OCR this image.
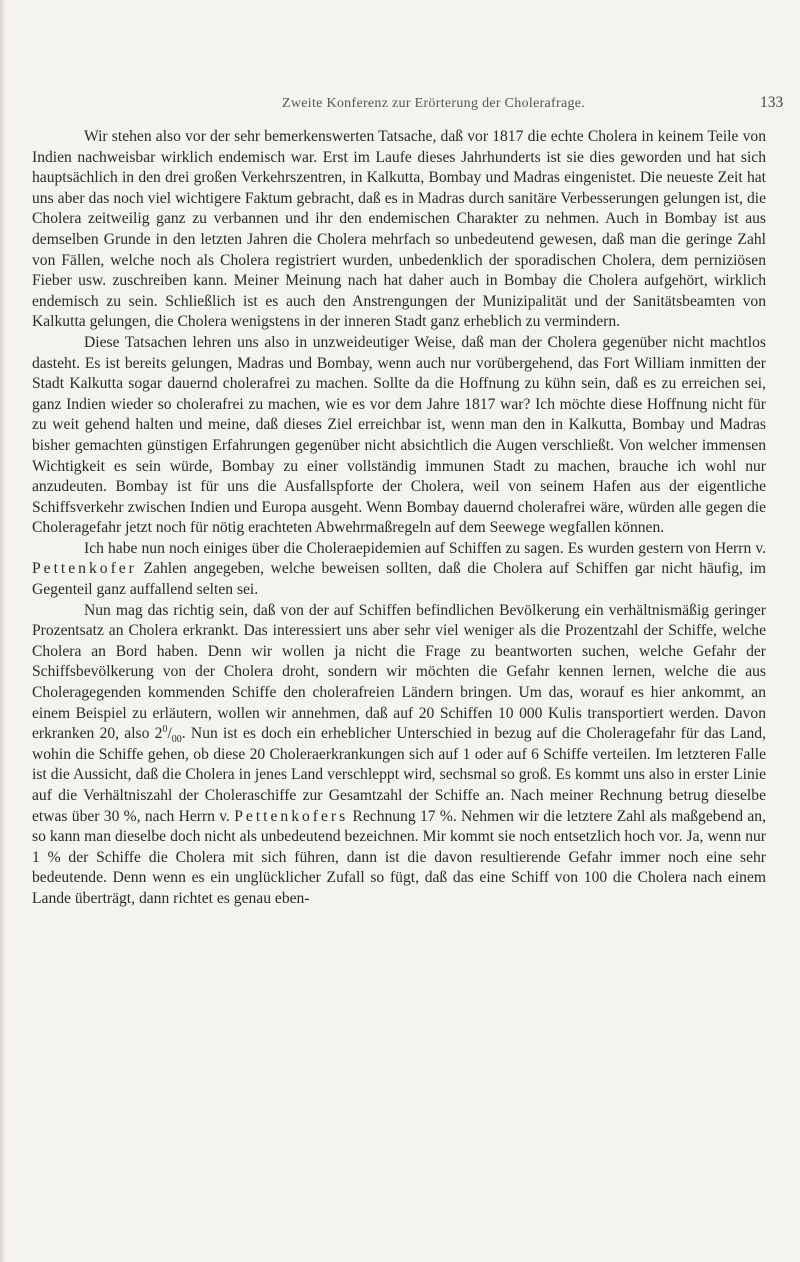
Zweite Konferenz zur Erörterung der Cholerafrage.	133

Wir stehen also vor der sehr bemerkenswerten Tatsache, daß vor 1817 die echte Cholera in keinem Teile von Indien nachweisbar wirklich endemisch war. Erst im Laufe dieses Jahrhunderts ist sie dies geworden und hat sich hauptsächlich in den drei großen Verkehrszentren, in Kalkutta, Bombay und Madras eingenistet. Die neueste Zeit hat uns aber das noch viel wichtigere Faktum gebracht, daß es in Madras durch sanitäre Verbesserungen gelungen ist, die Cholera zeitweilig ganz zu verbannen und ihr den endemischen Charakter zu nehmen. Auch in Bombay ist aus demselben Grunde in den letzten Jahren die Cholera mehrfach so unbedeutend gewesen, daß man die geringe Zahl von Fällen, welche noch als Cholera registriert wurden, unbedenklich der sporadischen Cholera, dem perniziösen Fieber usw. zuschreiben kann. Meiner Meinung nach hat daher auch in Bombay die Cholera aufgehört, wirklich endemisch zu sein. Schließlich ist es auch den Anstrengungen der Munizipalität und der Sanitätsbeamten von Kalkutta gelungen, die Cholera wenigstens in der inneren Stadt ganz erheblich zu vermindern.

Diese Tatsachen lehren uns also in unzweideutiger Weise, daß man der Cholera gegenüber nicht machtlos dasteht. Es ist bereits gelungen, Madras und Bombay, wenn auch nur vorübergehend, das Fort William inmitten der Stadt Kalkutta sogar dauernd cholerafrei zu machen. Sollte da die Hoffnung zu kühn sein, daß es zu erreichen sei, ganz Indien wieder so cholerafrei zu machen, wie es vor dem Jahre 1817 war? Ich möchte diese Hoffnung nicht für zu weit gehend halten und meine, daß dieses Ziel erreichbar ist, wenn man den in Kalkutta, Bombay und Madras bisher gemachten günstigen Erfahrungen gegenüber nicht absichtlich die Augen verschließt. Von welcher immensen Wichtigkeit es sein würde, Bombay zu einer vollständig immunen Stadt zu machen, brauche ich wohl nur anzudeuten. Bombay ist für uns die Ausfallspforte der Cholera, weil von seinem Hafen aus der eigentliche Schiffsverkehr zwischen Indien und Europa ausgeht. Wenn Bombay dauernd cholerafrei wäre, würden alle gegen die Choleragefahr jetzt noch für nötig erachteten Abwehrmaßregeln auf dem Seewege wegfallen können.

Ich habe nun noch einiges über die Choleraepidemien auf Schiffen zu sagen. Es wurden gestern von Herrn v. Pettenkofer Zahlen angegeben, welche beweisen sollten, daß die Cholera auf Schiffen gar nicht häufig, im Gegenteil ganz auffallend selten sei.

Nun mag das richtig sein, daß von der auf Schiffen befindlichen Bevölkerung ein verhältnismäßig geringer Prozentsatz an Cholera erkrankt. Das interessiert uns aber sehr viel weniger als die Prozentzahl der Schiffe, welche Cholera an Bord haben. Denn wir wollen ja nicht die Frage zu beantworten suchen, welche Gefahr der Schiffsbevölkerung von der Cholera droht, sondern wir möchten die Gefahr kennen lernen, welche die aus Choleragegenden kommenden Schiffe den cholerafreien Ländern bringen. Um das, worauf es hier ankommt, an einem Beispiel zu erläutern, wollen wir annehmen, daß auf 20 Schiffen 10 000 Kulis transportiert werden. Davon erkranken 20, also $2^0/_{00}$. Nun ist es doch ein erheblicher Unterschied in bezug auf die Choleragefahr für das Land, wohin die Schiffe gehen, ob diese 20 Choleraerkrankungen sich auf 1 oder auf 6 Schiffe verteilen. Im letzteren Falle ist die Aussicht, daß die Cholera in jenes Land verschleppt wird, sechsmal so groß. Es kommt uns also in erster Linie auf die Verhältniszahl der Choleraschiffe zur Gesamtzahl der Schiffe an. Nach meiner Rechnung betrug dieselbe etwas über 30 %, nach Herrn v. Pettenkofers Rechnung 17 %. Nehmen wir die letztere Zahl als maßgebend an, so kann man dieselbe doch nicht als unbedeutend bezeichnen. Mir kommt sie noch entsetzlich hoch vor. Ja, wenn nur 1 % der Schiffe die Cholera mit sich führen, dann ist die davon resultierende Gefahr immer noch eine sehr bedeutende. Denn wenn es ein unglücklicher Zufall so fügt, daß das eine Schiff von 100 die Cholera nach einem Lande überträgt, dann richtet es genau eben-
